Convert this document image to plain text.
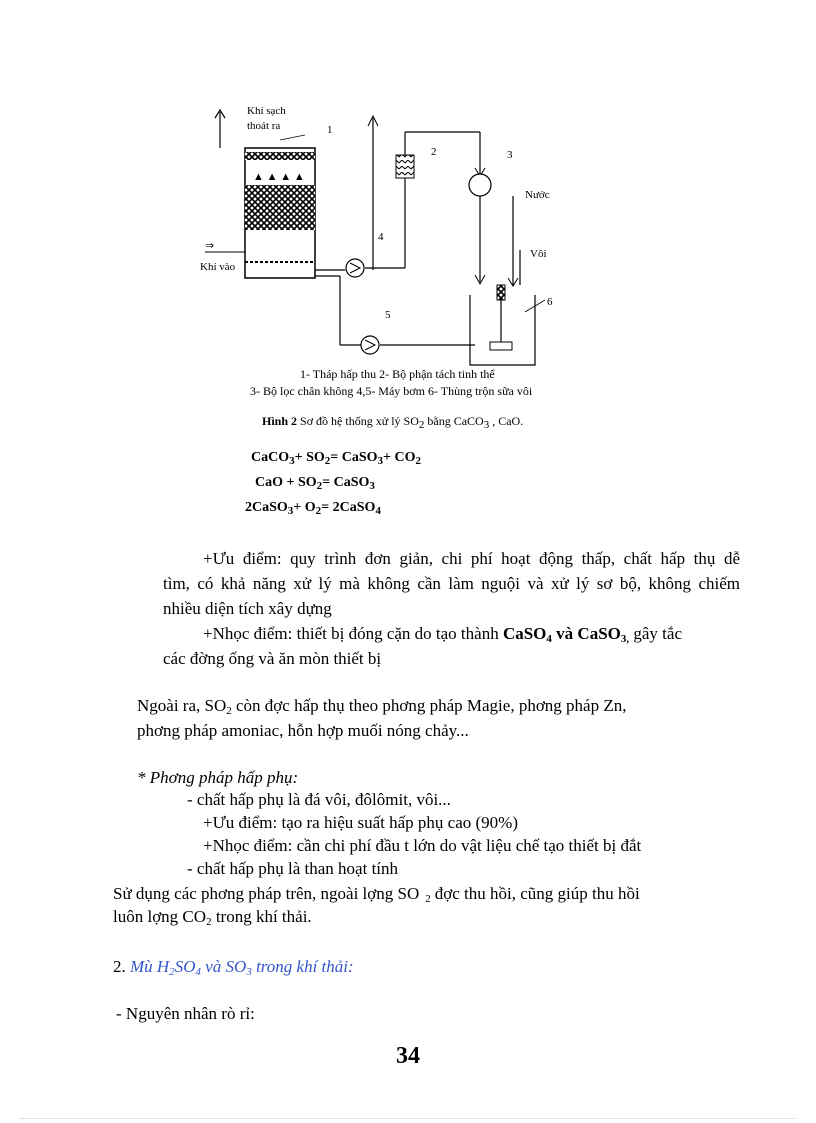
▲ ▲ ▲ ▲
Khí sạch
thoát ra	1
⇒
Khí vào
4
2	3
Nước
Vôi
6
5
1- Tháp hấp thu 2- Bộ phận tách tinh thể
3- Bộ lọc chân không 4,5- Máy bơm 6- Thùng trộn sữa vôi
Hình 2 Sơ đồ hệ thống xử lý SO2 bằng CaCO3 , CaO.
CaCO$_3$+ $SO_2=$ CaSO$_3$+ $CO_2$
CaO + $SO_2=$ CaSO$_3$
2CaSO$_3$+ $O_2=$ 2CaSO$_4$
+Ưu điểm: quy trình đơn giản, chi phí hoạt động thấp, chất hấp thụ dễ
tìm, có khả năng xử lý mà không cần làm nguội và xử lý sơ bộ, không chiếm
nhiều diện tích xây dựng
+Nhọc điểm: thiết bị đóng cặn do tạo thành CaSO$_4$ và CaSO$_{3,}$ gây tắc
các đờng ống và ăn mòn thiết bị
Ngoài ra, $SO_2$ còn đợc hấp thụ theo phơng pháp Magie, phơng pháp Zn,
phơng pháp amoniac, hỗn hợp muối nóng chảy...
* Phơng pháp hấp phụ:
- chất hấp phụ là đá vôi, đôlômit, vôi...
+Ưu điểm: tạo ra hiệu suất hấp phụ cao (90%)
+Nhọc điểm: cần chi phí đầu t lớn do vật liệu chế tạo thiết bị đắt
- chất hấp phụ là than hoạt tính
Sử dụng các phơng pháp trên, ngoài lợng SO $_2$ đợc thu hồi, cũng giúp thu hồi
luôn lợng $CO_2$ trong khí thải.
2. Mù $H_2SO_4$ và $SO_3$ trong khí thải:
- Nguyên nhân rò rỉ:
34
